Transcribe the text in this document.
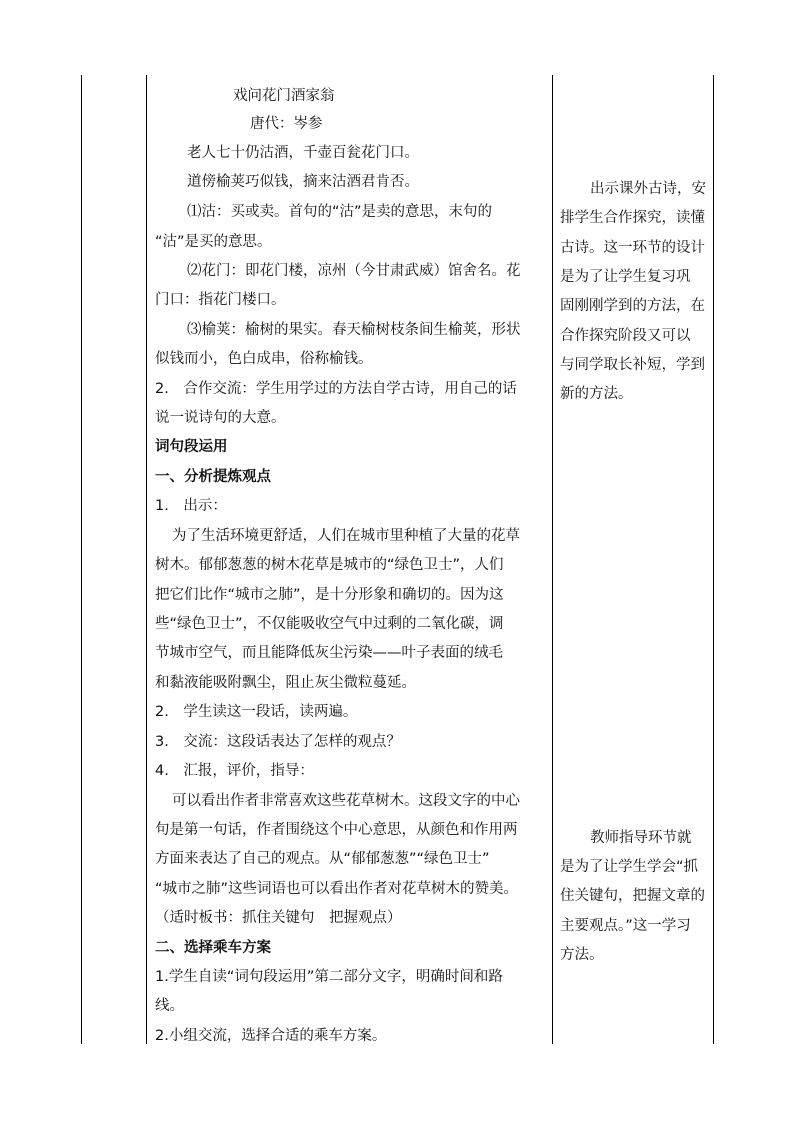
戏问花门酒家翁
唐代：岑参
老人七十仍沽酒，千壶百瓮花门口。
道傍榆荚巧似钱，摘来沽酒君肯否。
⑴沽：买或卖。首句的“沽”是卖的意思，末句的
“沽”是买的意思。
⑵花门：即花门楼，凉州（今甘肃武威）馆舍名。花
门口：指花门楼口。
⑶榆荚：榆树的果实。春天榆树枝条间生榆荚，形状
似钱而小，色白成串，俗称榆钱。
2.　合作交流：学生用学过的方法自学古诗，用自己的话
说一说诗句的大意。
词句段运用
一、分析提炼观点
1.　出示：
为了生活环境更舒适，人们在城市里种植了大量的花草
树木。郁郁葱葱的树木花草是城市的“绿色卫士”，人们
把它们比作“城市之肺”，是十分形象和确切的。因为这
些“绿色卫士”，不仅能吸收空气中过剩的二氧化碳，调
节城市空气，而且能降低灰尘污染——叶子表面的绒毛
和黏液能吸附飘尘，阻止灰尘微粒蔓延。
2.　学生读这一段话，读两遍。
3.　交流：这段话表达了怎样的观点？
4.　汇报，评价，指导：
可以看出作者非常喜欢这些花草树木。这段文字的中心
句是第一句话，作者围绕这个中心意思，从颜色和作用两
方面来表达了自己的观点。从“郁郁葱葱”“绿色卫士”
“城市之肺”这些词语也可以看出作者对花草树木的赞美。
（适时板书：抓住关键句　把握观点）
二、选择乘车方案
1.学生自读“词句段运用”第二部分文字，明确时间和路
线。
2.小组交流，选择合适的乘车方案。
出示课外古诗，安
排学生合作探究，读懂
古诗。这一环节的设计
是为了让学生复习巩
固刚刚学到的方法，在
合作探究阶段又可以
与同学取长补短，学到
新的方法。
教师指导环节就
是为了让学生学会“抓
住关键句，把握文章的
主要观点。”这一学习
方法。
